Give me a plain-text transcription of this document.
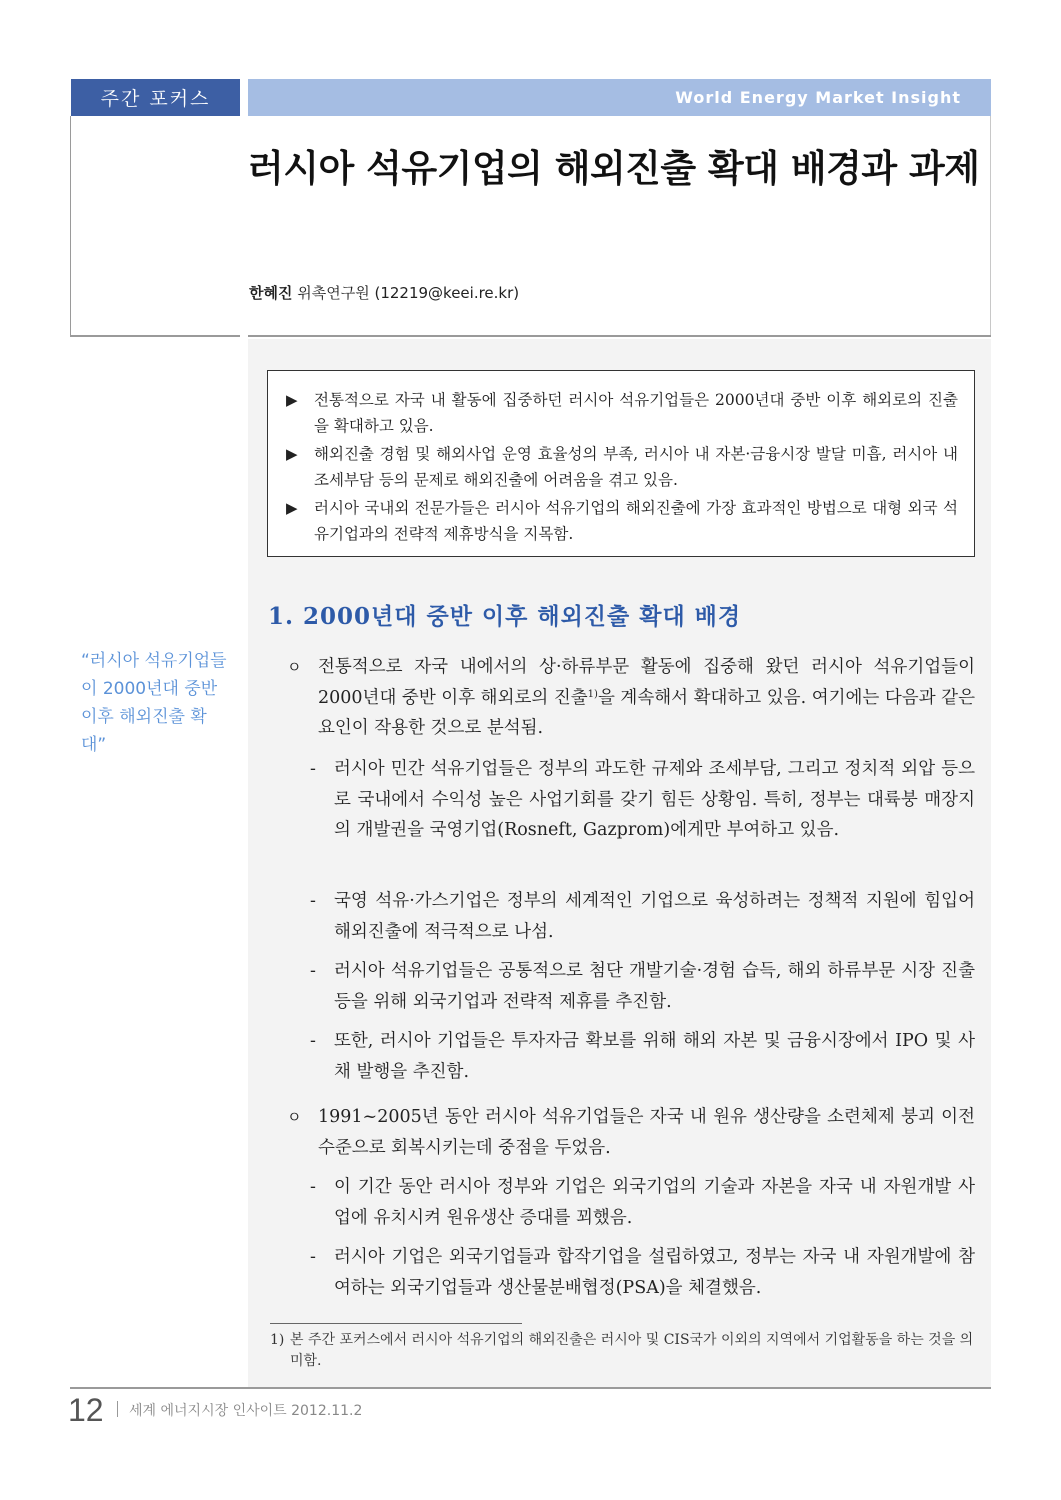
주간 포커스	World Energy Market Insight
러시아 석유기업의 해외진출 확대 배경과 과제
한혜진 위촉연구원 (12219@keei.re.kr)
▶	전통적으로 자국 내 활동에 집중하던 러시아 석유기업들은 2000년대 중반 이후 해외로의 진출을 확대하고 있음.
▶	해외진출 경험 및 해외사업 운영 효율성의 부족, 러시아 내 자본·금융시장 발달 미흡, 러시아 내 조세부담 등의 문제로 해외진출에 어려움을 겪고 있음.
▶	러시아 국내외 전문가들은 러시아 석유기업의 해외진출에 가장 효과적인 방법으로 대형 외국 석유기업과의 전략적 제휴방식을 지목함.
“러시아 석유기업들이 2000년대 중반 이후 해외진출 확대”
1. 2000년대 중반 이후 해외진출 확대 배경
ㅇ 전통적으로 자국 내에서의 상·하류부문 활동에 집중해 왔던 러시아 석유기업들이 2000년대 중반 이후 해외로의 진출$^{1)}$을 계속해서 확대하고 있음. 여기에는 다음과 같은 요인이 작용한 것으로 분석됨.
-	러시아 민간 석유기업들은 정부의 과도한 규제와 조세부담, 그리고 정치적 외압 등으로 국내에서 수익성 높은 사업기회를 갖기 힘든 상황임. 특히, 정부는 대륙붕 매장지의 개발권을 국영기업(Rosneft, Gazprom)에게만 부여하고 있음.
-	국영 석유·가스기업은 정부의 세계적인 기업으로 육성하려는 정책적 지원에 힘입어 해외진출에 적극적으로 나섬.
-	러시아 석유기업들은 공통적으로 첨단 개발기술·경험 습득, 해외 하류부문 시장 진출 등을 위해 외국기업과 전략적 제휴를 추진함.
-	또한, 러시아 기업들은 투자자금 확보를 위해 해외 자본 및 금융시장에서 IPO 및 사채 발행을 추진함.
ㅇ 1991~2005년 동안 러시아 석유기업들은 자국 내 원유 생산량을 소련체제 붕괴 이전 수준으로 회복시키는데 중점을 두었음.
-	이 기간 동안 러시아 정부와 기업은 외국기업의 기술과 자본을 자국 내 자원개발 사업에 유치시켜 원유생산 증대를 꾀했음.
-	러시아 기업은 외국기업들과 합작기업을 설립하였고, 정부는 자국 내 자원개발에 참여하는 외국기업들과 생산물분배협정(PSA)을 체결했음.
1) 본 주간 포커스에서 러시아 석유기업의 해외진출은 러시아 및 CIS국가 이외의 지역에서 기업활동을 하는 것을 의미함.
12 세계 에너지시장 인사이트 2012.11.2
